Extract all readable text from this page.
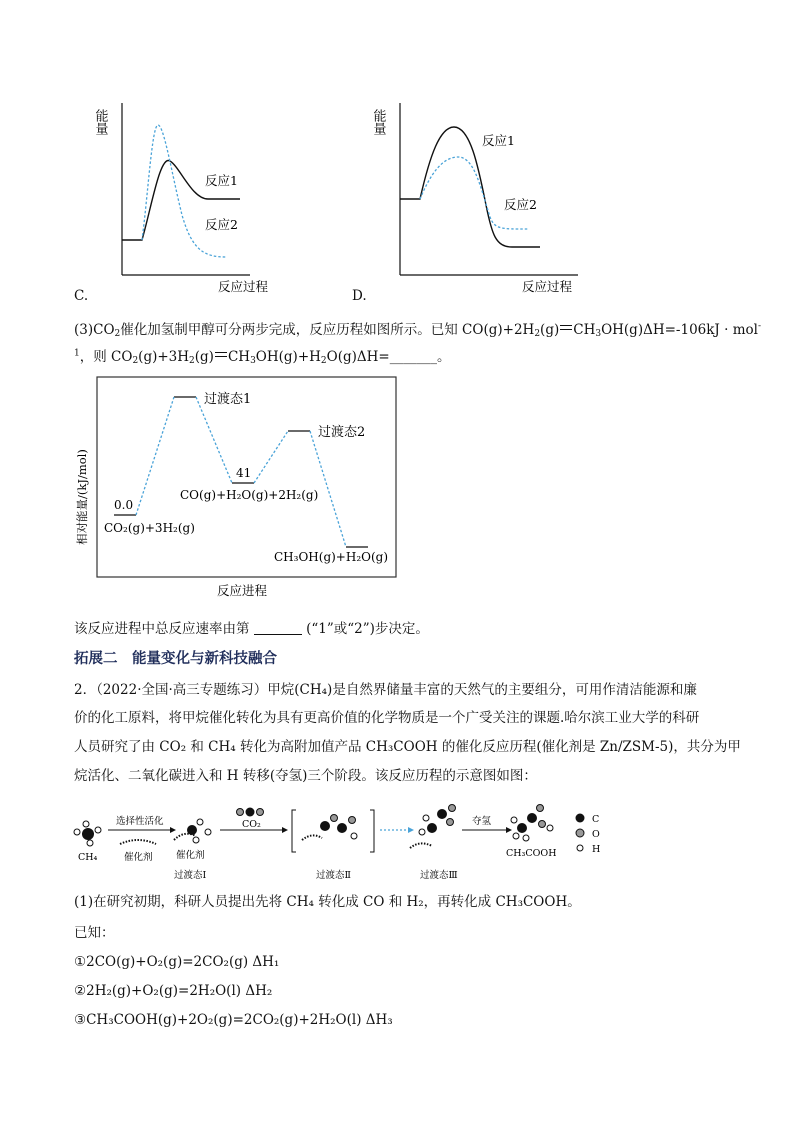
能量
反应1
反应2
反应过程
C.
能量
反应1
反应2
反应过程
D.
$(3)CO_2$催化加氢制甲醇可分两步完成，反应历程如图所示。已知 $CO(g)+2H_2(g) CH_3OH(g)\Delta H=-106kJ \cdot mol^-$
$^1$，则 $CO_2(g)+3H_2(g)$ $CH_3OH(g)+H_2O(g)\Delta H=\_\_\_\_\_\_\_$。
相对能量/(kJ/mol)
反应进程
过渡态1
过渡态2
0.0
41
CO₂(g)+3H₂(g)
CO(g)+H₂O(g)+2H₂(g)
CH₃OH(g)+H₂O(g)
该反应进程中总反应速率由第	(“1”或“2”)步决定。
拓展二　能量变化与新科技融合
2．（2022·全国·高三专题练习）甲烷(CH₄)是自然界储量丰富的天然气的主要组分，可用作清洁能源和廉
价的化工原料，将甲烷催化转化为具有更高价值的化学物质是一个广受关注的课题.哈尔滨工业大学的科研
人员研究了由 CO₂ 和 CH₄ 转化为高附加值产品 CH₃COOH 的催化反应历程(催化剂是 Zn/ZSM-5)，共分为甲
烷活化、二氧化碳进入和 H 转移(夺氢)三个阶段。该反应历程的示意图如图：
CH₄
选择性活化
催化剂 催化剂
过渡态Ⅰ
CO₂
过渡态Ⅱ	过渡态Ⅲ
夺氢
CH₃COOH
C
O
H
(1)在研究初期，科研人员提出先将 CH₄ 转化成 CO 和 H₂，再转化成 CH₃COOH。
已知：
①2CO(g)+O₂(g)=2CO₂(g) ΔH₁
②2H₂(g)+O₂(g)=2H₂O(l) ΔH₂
③CH₃COOH(g)+2O₂(g)=2CO₂(g)+2H₂O(l) ΔH₃
